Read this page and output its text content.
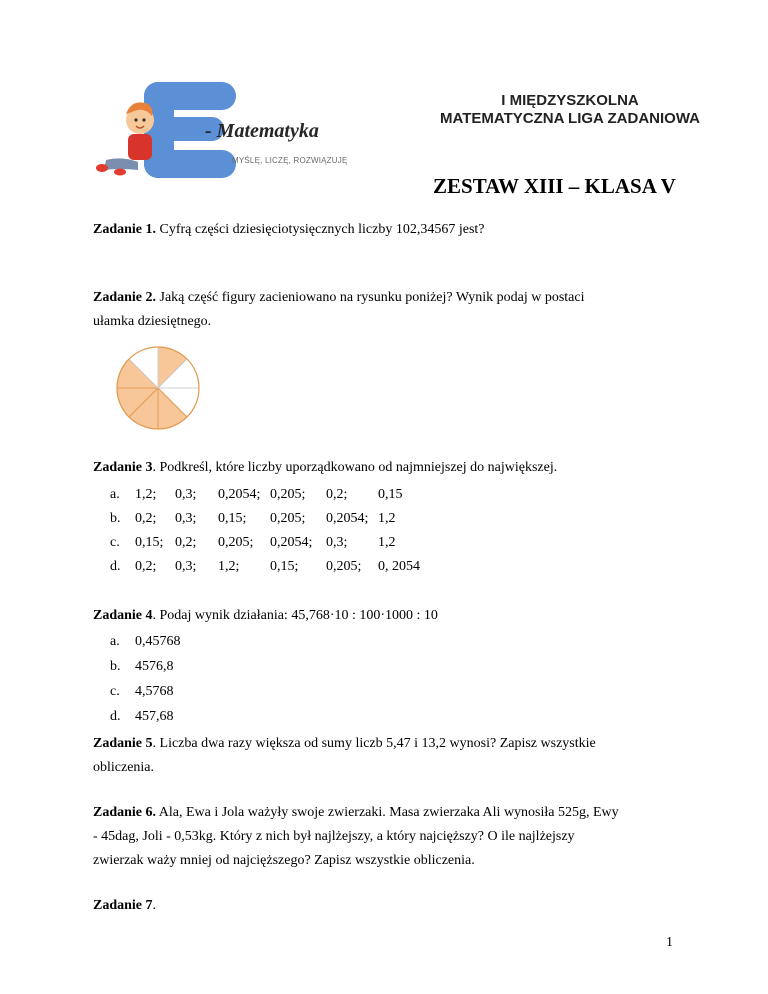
- Matematyka
MYŚLĘ, LICZĘ, ROZWIĄZUJĘ
I MIĘDZYSZKOLNA
MATEMATYCZNA LIGA ZADANIOWA
ZESTAW XIII – KLASA V
Zadanie 1. Cyfrą części dziesięciotysięcznych liczby 102,34567 jest?
Zadanie 2. Jaką część figury zacieniowano na rysunku poniżej? Wynik podaj w postaci
ułamka dziesiętnego.
Zadanie 3. Podkreśl, które liczby uporządkowano od najmniejszej do największej.
a. 1,2; 0,3; 0,2054; 0,205; 0,2; 0,15
b. 0,2; 0,3; 0,15; 0,205; 0,2054; 1,2
c. 0,15; 0,2; 0,205; 0,2054; 0,3; 1,2
d. 0,2; 0,3; 1,2; 0,15; 0,205; 0, 2054
Zadanie 4. Podaj wynik działania: 45,768·10 : 100·1000 : 10
a. 0,45768
b. 4576,8
c. 4,5768
d. 457,68
Zadanie 5. Liczba dwa razy większa od sumy liczb 5,47 i 13,2 wynosi? Zapisz wszystkie
obliczenia.
Zadanie 6. Ala, Ewa i Jola ważyły swoje zwierzaki. Masa zwierzaka Ali wynosiła 525g, Ewy
- 45dag, Joli - 0,53kg. Który z nich był najlżejszy, a który najcięższy? O ile najlżejszy
zwierzak waży mniej od najcięższego? Zapisz wszystkie obliczenia.
Zadanie 7.
1
